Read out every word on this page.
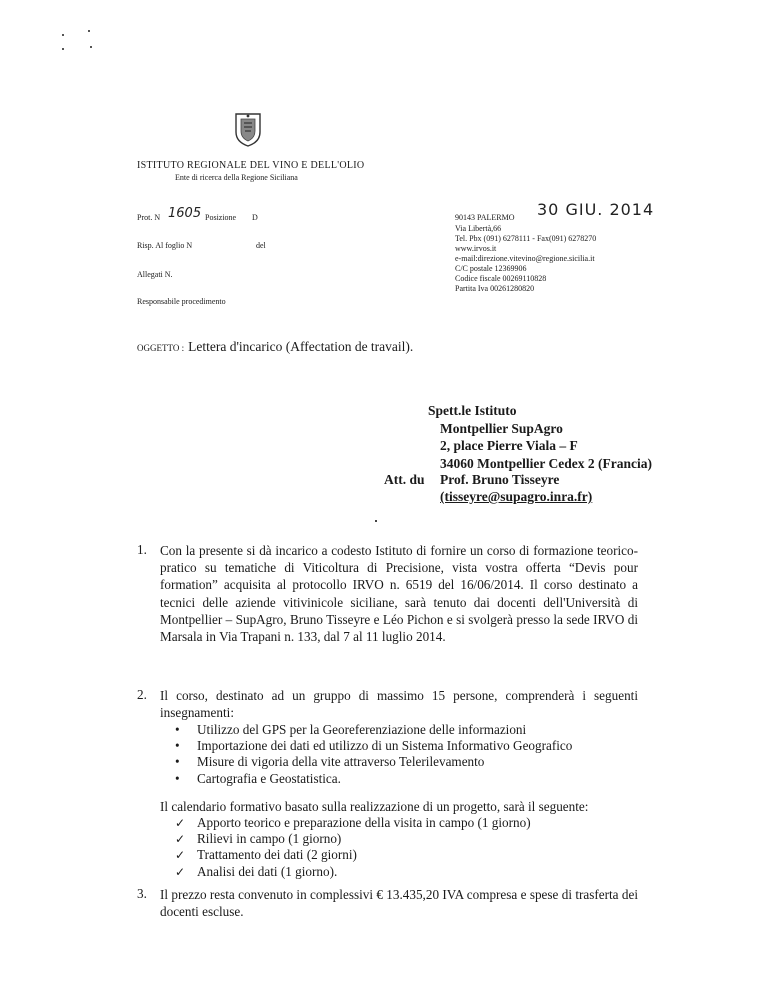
ISTITUTO REGIONALE DEL VINO E DELL'OLIO
Ente di ricerca della Regione Siciliana
Prot. N 1605 Posizione D
Risp. Al foglio N	del
Allegati N.
Responsabile procedimento
90143 PALERMO 30 GIU. 2014
Via Libertà,66
Tel. Pbx (091) 6278111 - Fax(091) 6278270
www.irvos.it
e-mail:direzione.vitevino@regione.sicilia.it
C/C postale 12369906
Codice fiscale 00269110828
Partita Iva 00261280820
OGGETTO : Lettera d'incarico (Affectation de travail).
Spett.le Istituto
Montpellier SupAgro
2, place Pierre Viala – F
34060 Montpellier Cedex 2 (Francia)
Att. du Prof. Bruno Tisseyre
(tisseyre@supagro.inra.fr)
1. Con la presente si dà incarico a codesto Istituto di fornire un corso di formazione teorico-pratico su tematiche di Viticoltura di Precisione, vista vostra offerta “Devis pour formation” acquisita al protocollo IRVO n. 6519 del 16/06/2014. Il corso destinato a tecnici delle aziende vitivinicole siciliane, sarà tenuto dai docenti dell'Università di Montpellier – SupAgro, Bruno Tisseyre e Léo Pichon e si svolgerà presso la sede IRVO di Marsala in Via Trapani n. 133, dal 7 al 11 luglio 2014.
2. Il corso, destinato ad un gruppo di massimo 15 persone, comprenderà i seguenti insegnamenti:
• Utilizzo del GPS per la Georeferenziazione delle informazioni
• Importazione dei dati ed utilizzo di un Sistema Informativo Geografico
• Misure di vigoria della vite attraverso Telerilevamento
• Cartografia e Geostatistica.
Il calendario formativo basato sulla realizzazione di un progetto, sarà il seguente:
✓ Apporto teorico e preparazione della visita in campo (1 giorno)
✓ Rilievi in campo (1 giorno)
✓ Trattamento dei dati (2 giorni)
✓ Analisi dei dati (1 giorno).
3. Il prezzo resta convenuto in complessivi € 13.435,20 IVA compresa e spese di trasferta dei docenti escluse.
